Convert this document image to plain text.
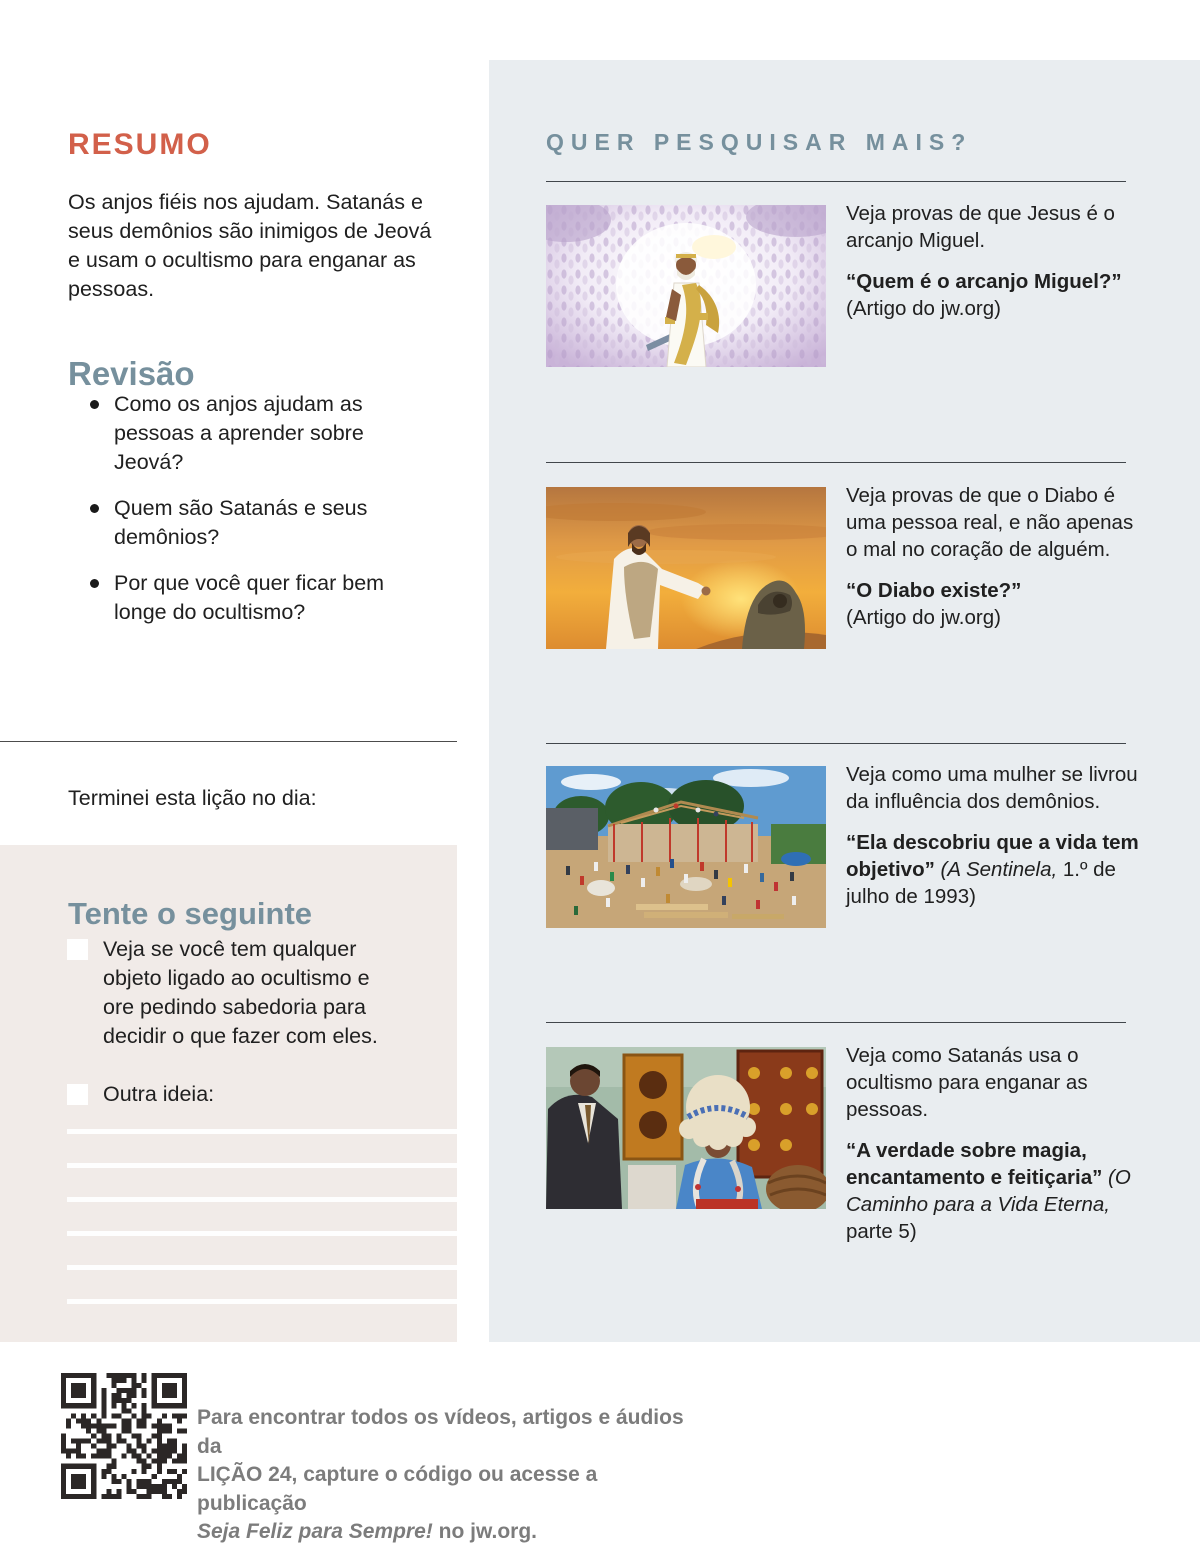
RESUMO

Os anjos fiéis nos ajudam. Satanás e seus demônios são inimigos de Jeová e usam o ocultismo para enganar as pessoas.

Revisão
Como os anjos ajudam as pessoas a aprender sobre Jeová?
Quem são Satanás e seus demônios?
Por que você quer ficar bem longe do ocultismo?

Terminei esta lição no dia:

Tente o seguinte
Veja se você tem qualquer objeto ligado ao ocultismo e ore pedindo sabedoria para decidir o que fazer com eles.
Outra ideia:
QUER PESQUISAR MAIS?

Veja provas de que Jesus é o arcanjo Miguel.

“Quem é o arcanjo Miguel?”
(Artigo do jw.org)

Veja provas de que o Diabo é uma pessoa real, e não apenas o mal no coração de alguém.

“O Diabo existe?”
(Artigo do jw.org)

Veja como uma mulher se livrou da influência dos demônios.

“Ela descobriu que a vida tem objetivo” (A Sentinela, 1.º de julho de 1993)

Veja como Satanás usa o ocultismo para enganar as pessoas.

“A verdade sobre magia, encantamento e feitiçaria” (O Caminho para a Vida Eterna, parte 5)

Para encontrar todos os vídeos, artigos e áudios da
LIÇÃO 24, capture o código ou acesse a publicação
Seja Feliz para Sempre! no jw.org.
